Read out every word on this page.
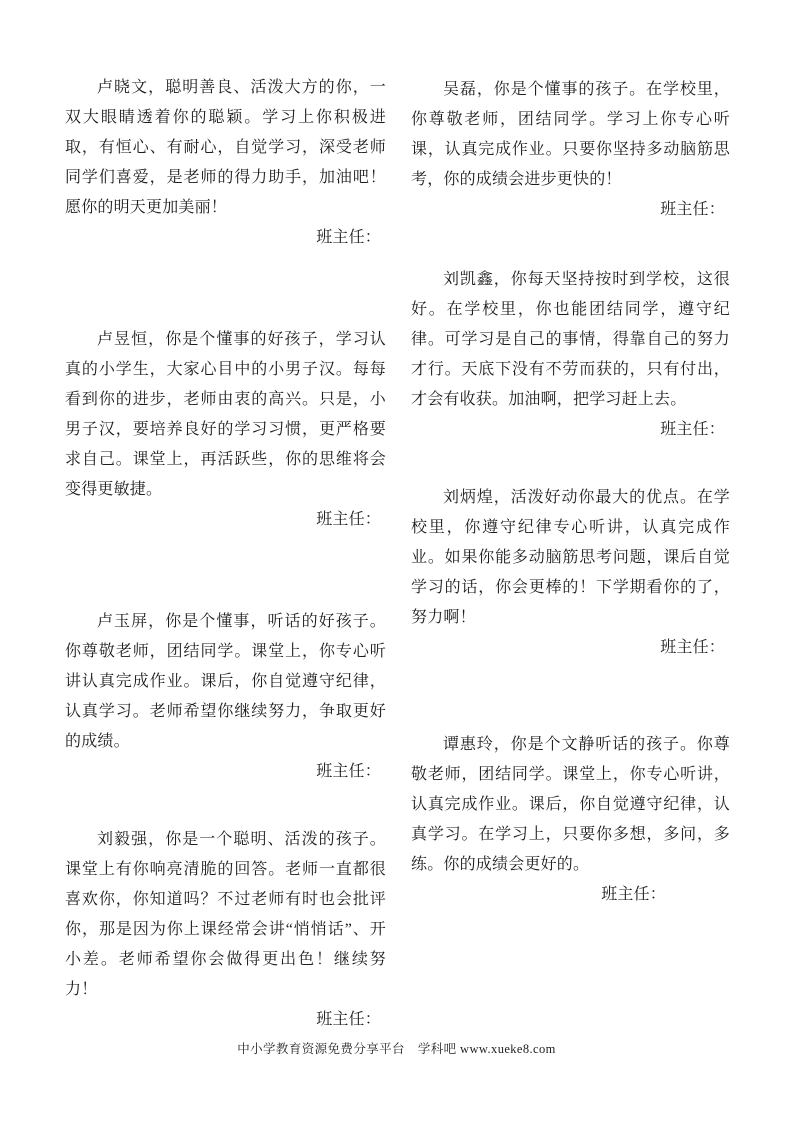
卢晓文，聪明善良、活泼大方的你，一双大眼睛透着你的聪颖。学习上你积极进取，有恒心、有耐心，自觉学习，深受老师同学们喜爱，是老师的得力助手，加油吧！愿你的明天更加美丽！

班主任：

卢昱恒，你是个懂事的好孩子，学习认真的小学生，大家心目中的小男子汉。每每看到你的进步，老师由衷的高兴。只是，小男子汉，要培养良好的学习习惯，更严格要求自己。课堂上，再活跃些，你的思维将会变得更敏捷。

班主任：

卢玉屏，你是个懂事，听话的好孩子。你尊敬老师，团结同学。课堂上，你专心听讲认真完成作业。课后，你自觉遵守纪律，认真学习。老师希望你继续努力，争取更好的成绩。

班主任：

刘毅强，你是一个聪明、活泼的孩子。课堂上有你响亮清脆的回答。老师一直都很喜欢你，你知道吗？不过老师有时也会批评你，那是因为你上课经常会讲“悄悄话”、开小差。老师希望你会做得更出色！继续努力！

班主任：

吴磊，你是个懂事的孩子。在学校里，你尊敬老师，团结同学。学习上你专心听课，认真完成作业。只要你坚持多动脑筋思考，你的成绩会进步更快的！

班主任：

刘凯鑫，你每天坚持按时到学校，这很好。在学校里，你也能团结同学，遵守纪律。可学习是自己的事情，得靠自己的努力才行。天底下没有不劳而获的，只有付出，才会有收获。加油啊，把学习赶上去。

班主任：

刘炳煌，活泼好动你最大的优点。在学校里，你遵守纪律专心听讲，认真完成作业。如果你能多动脑筋思考问题，课后自觉学习的话，你会更棒的！下学期看你的了，努力啊！

班主任：

谭惠玲，你是个文静听话的孩子。你尊敬老师，团结同学。课堂上，你专心听讲，认真完成作业。课后，你自觉遵守纪律，认真学习。在学习上，只要你多想，多问，多练。你的成绩会更好的。

班主任：

中小学教育资源免费分享平台　学科吧 www.xueke8.com
